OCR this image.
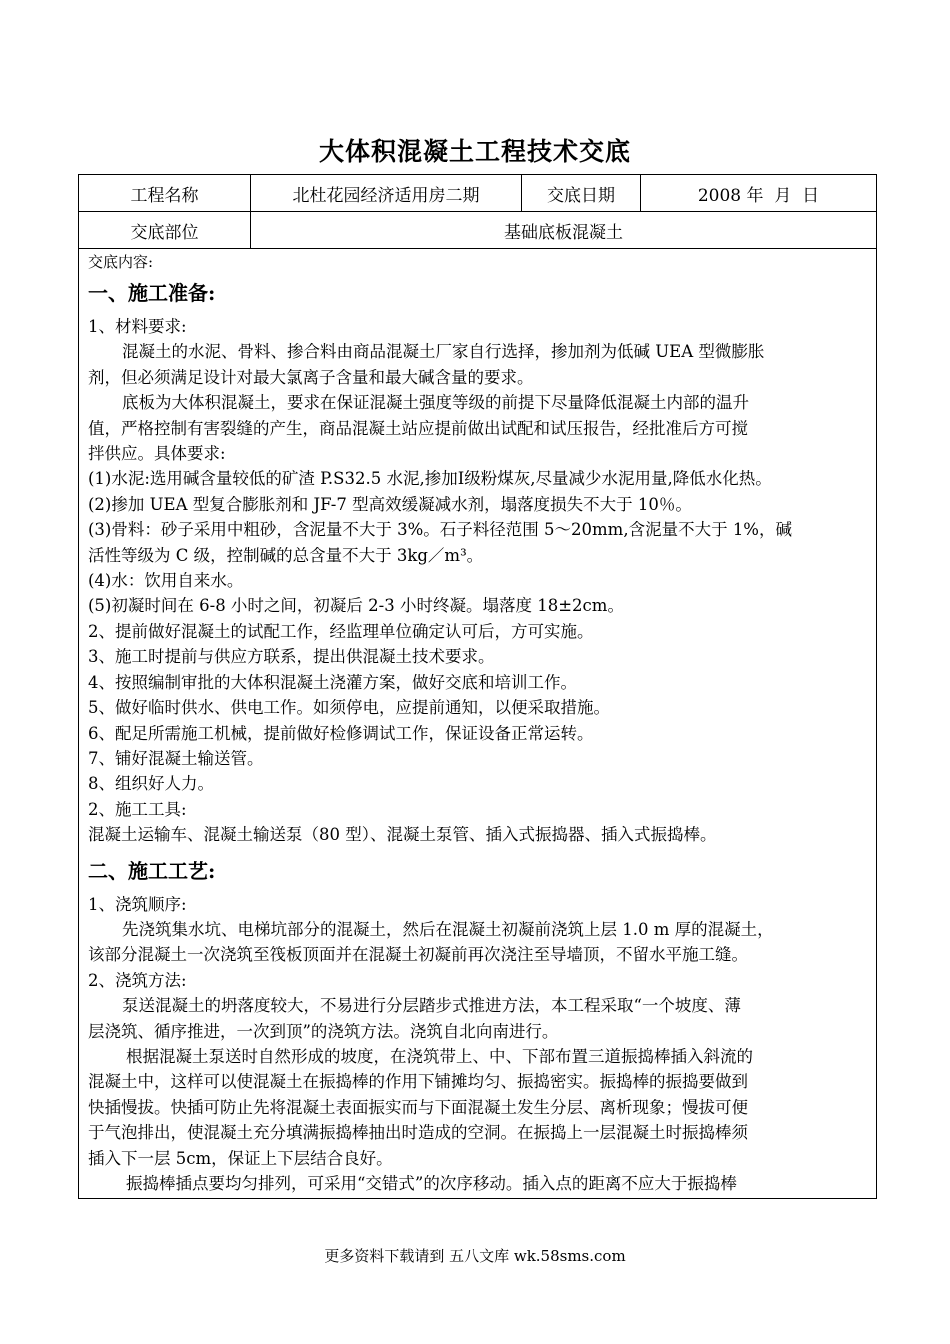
大体积混凝土工程技术交底
工程名称	北杜花园经济适用房二期	交底日期	2008 年  月  日
交底部位	基础底板混凝土

交底内容:

一、施工准备:

1、材料要求:

混凝土的水泥、骨料、掺合料由商品混凝土厂家自行选择，掺加剂为低碱 UEA 型微膨胀

剂，但必须满足设计对最大氯离子含量和最大碱含量的要求。

底板为大体积混凝土，要求在保证混凝土强度等级的前提下尽量降低混凝土内部的温升

值，严格控制有害裂缝的产生，商品混凝土站应提前做出试配和试压报告，经批准后方可搅

拌供应。具体要求:

(1)水泥:选用碱含量较低的矿渣 P.S32.5 水泥,掺加Ⅰ级粉煤灰,尽量减少水泥用量,降低水化热。

(2)掺加 UEA 型复合膨胀剂和 JF-7 型高效缓凝减水剂，塌落度损失不大于 10％。

(3)骨料：砂子采用中粗砂，含泥量不大于 3%。石子料径范围 5～20mm,含泥量不大于 1%，碱

活性等级为 C 级，控制碱的总含量不大于 3kg／m³。

(4)水：饮用自来水。

(5)初凝时间在 6-8 小时之间，初凝后 2-3 小时终凝。塌落度 18±2cm。

2、提前做好混凝土的试配工作，经监理单位确定认可后，方可实施。

3、施工时提前与供应方联系，提出供混凝土技术要求。

4、按照编制审批的大体积混凝土浇灌方案，做好交底和培训工作。

5、做好临时供水、供电工作。如须停电，应提前通知，以便采取措施。

6、配足所需施工机械，提前做好检修调试工作，保证设备正常运转。

7、铺好混凝土输送管。

8、组织好人力。

2、施工工具:

混凝土运输车、混凝土输送泵（80 型）、混凝土泵管、插入式振捣器、插入式振捣棒。

二、施工工艺:

1、浇筑顺序:

先浇筑集水坑、电梯坑部分的混凝土，然后在混凝土初凝前浇筑上层 1.0 m 厚的混凝土，

该部分混凝土一次浇筑至筏板顶面并在混凝土初凝前再次浇注至导墙顶，不留水平施工缝。

2、浇筑方法:

泵送混凝土的坍落度较大，不易进行分层踏步式推进方法，本工程采取“一个坡度、薄

层浇筑、循序推进，一次到顶”的浇筑方法。浇筑自北向南进行。

根据混凝土泵送时自然形成的坡度，在浇筑带上、中、下部布置三道振捣棒插入斜流的

混凝土中，这样可以使混凝土在振捣棒的作用下铺摊均匀、振捣密实。振捣棒的振捣要做到

快插慢拔。快插可防止先将混凝土表面振实而与下面混凝土发生分层、离析现象；慢拔可便

于气泡排出，使混凝土充分填满振捣棒抽出时造成的空洞。在振捣上一层混凝土时振捣棒须

插入下一层 5cm，保证上下层结合良好。

振捣棒插点要均匀排列，可采用“交错式”的次序移动。插入点的距离不应大于振捣棒

更多资料下载请到 五八文库 wk.58sms.com
